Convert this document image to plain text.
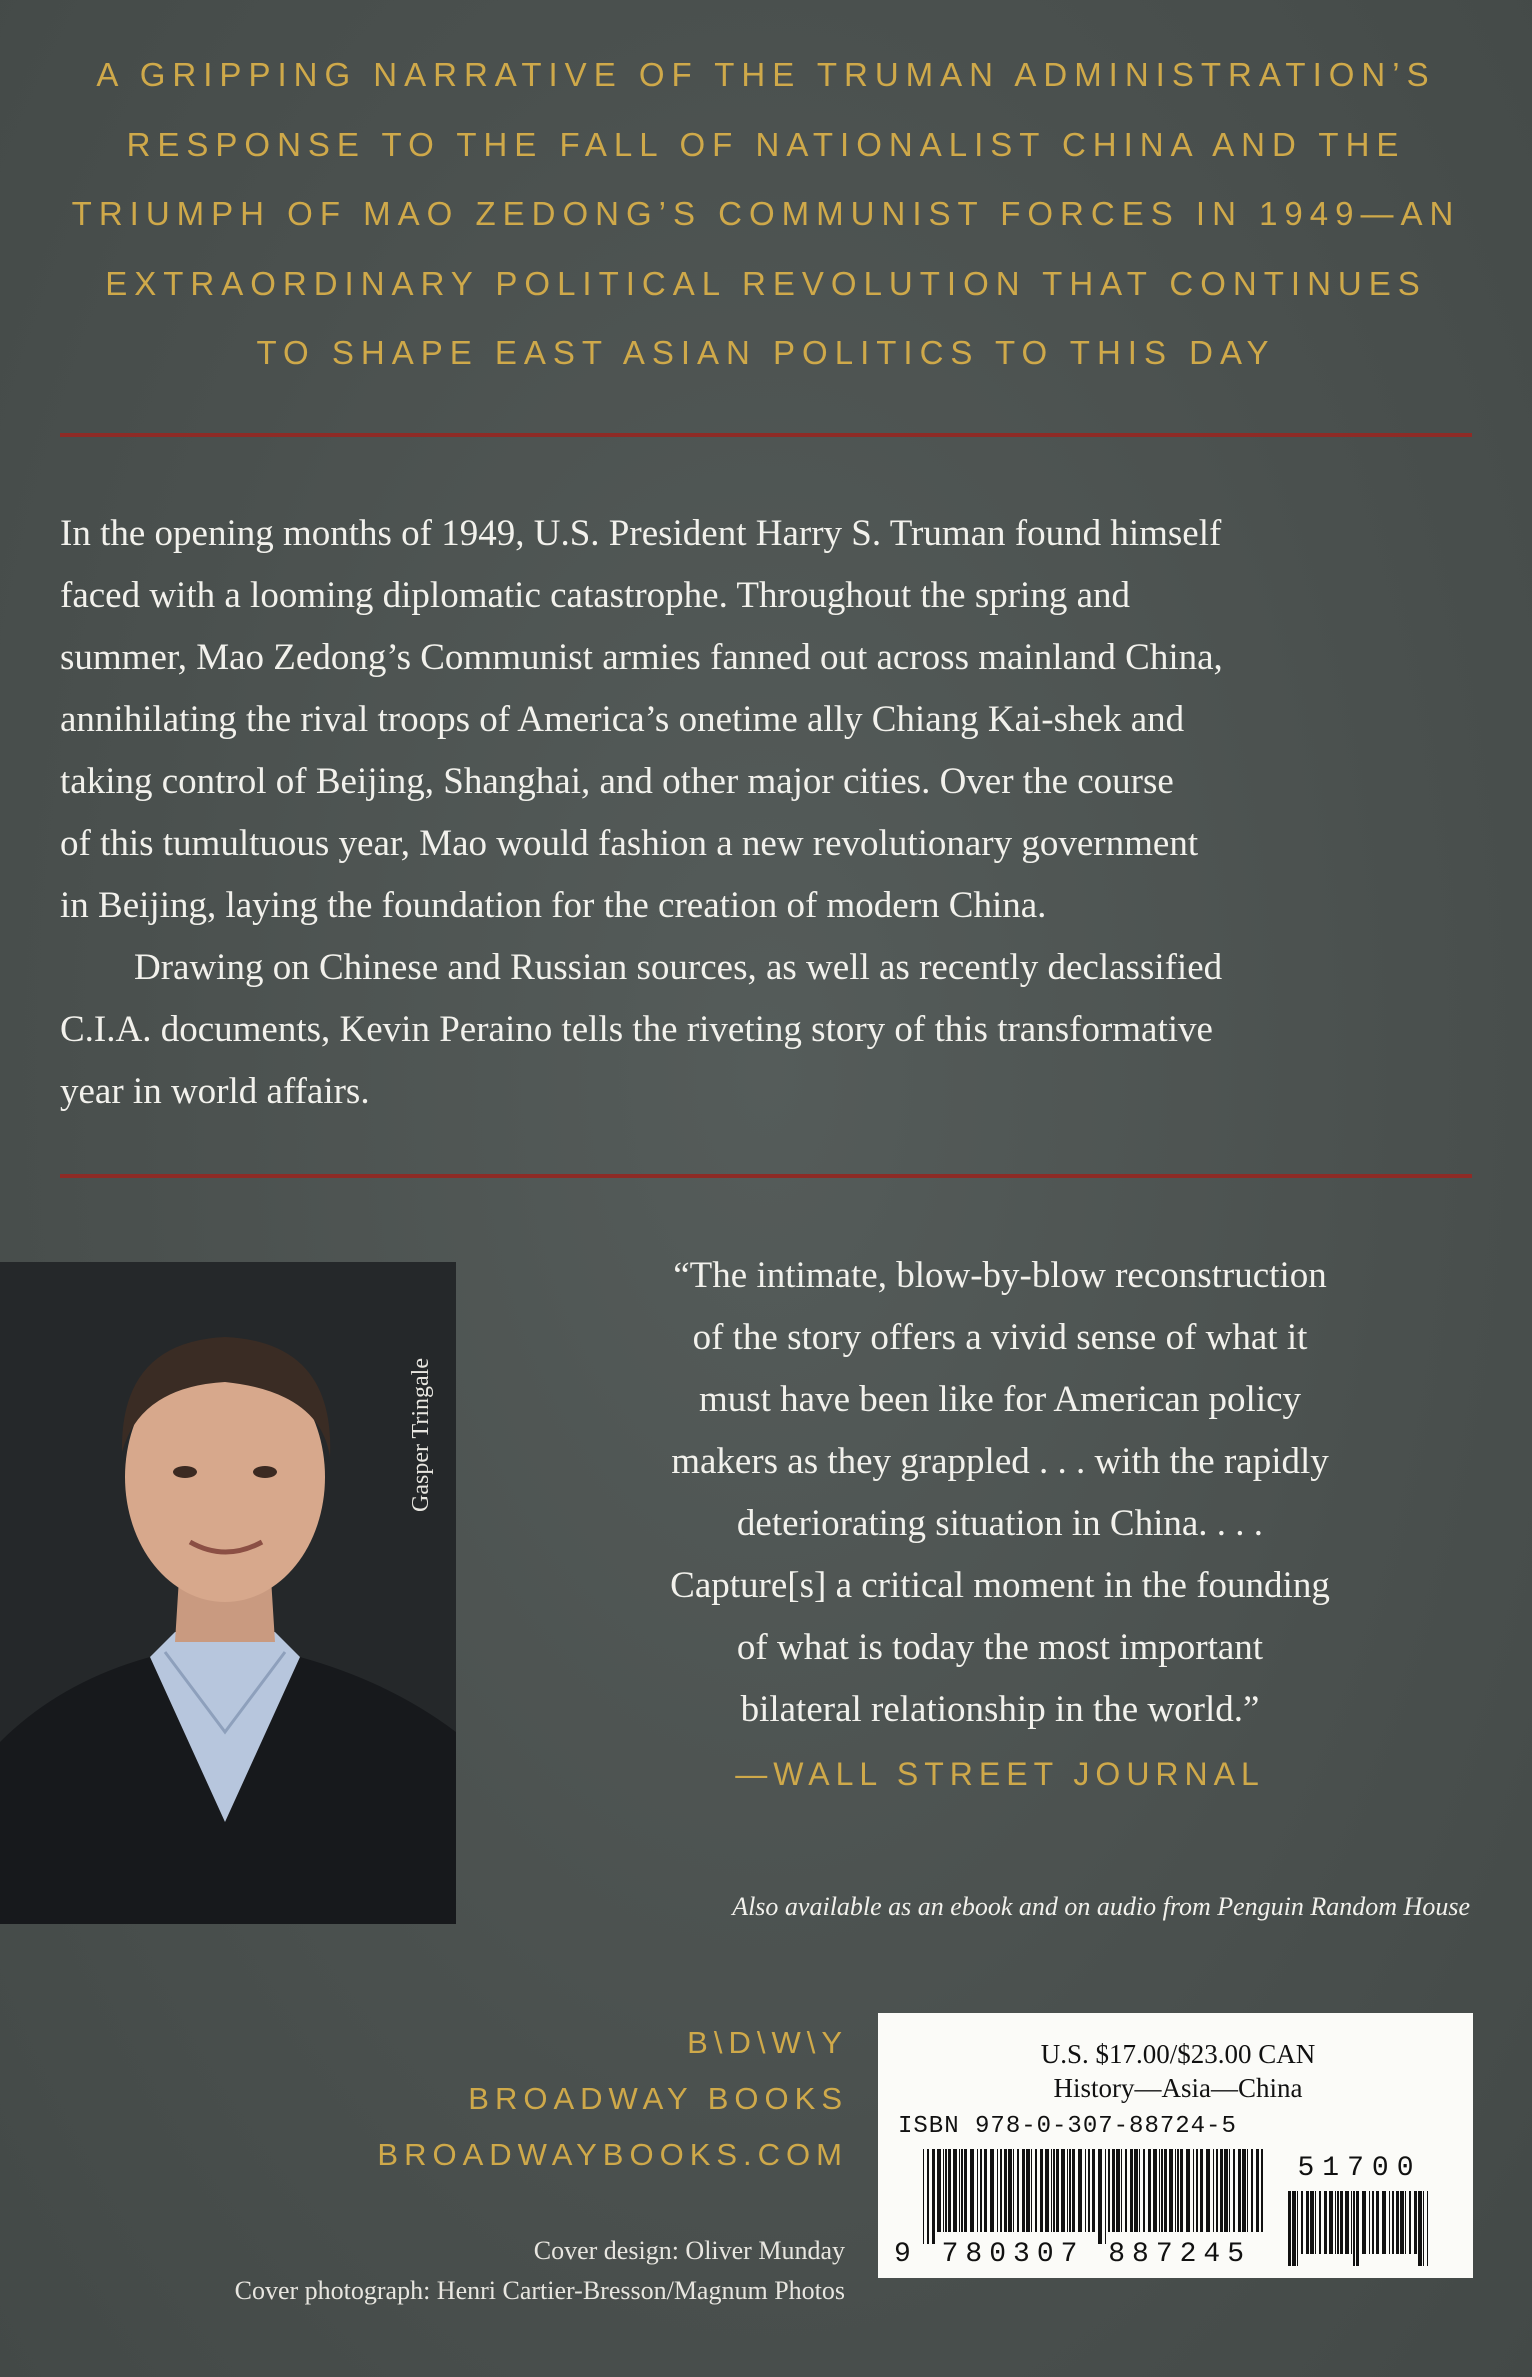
A GRIPPING NARRATIVE OF THE TRUMAN ADMINISTRATION’S
RESPONSE TO THE FALL OF NATIONALIST CHINA AND THE
TRIUMPH OF MAO ZEDONG’S COMMUNIST FORCES IN 1949—AN
EXTRAORDINARY POLITICAL REVOLUTION THAT CONTINUES
TO SHAPE EAST ASIAN POLITICS TO THIS DAY

In the opening months of 1949, U.S. President Harry S. Truman found himself
faced with a looming diplomatic catastrophe. Throughout the spring and
summer, Mao Zedong’s Communist armies fanned out across mainland China,
annihilating the rival troops of America’s onetime ally Chiang Kai-shek and
taking control of Beijing, Shanghai, and other major cities. Over the course
of this tumultuous year, Mao would fashion a new revolutionary government
in Beijing, laying the foundation for the creation of modern China.

Drawing on Chinese and Russian sources, as well as recently declassified
C.I.A. documents, Kevin Peraino tells the riveting story of this transformative
year in world affairs.

Gasper Tringale
“The intimate, blow-by-blow reconstruction
of the story offers a vivid sense of what it
must have been like for American policy
makers as they grappled . . . with the rapidly
deteriorating situation in China. . . .
Capture[s] a critical moment in the founding
of what is today the most important
bilateral relationship in the world.”
—WALL STREET JOURNAL
Also available as an ebook and on audio from Penguin Random House
B\D\W\Y
BROADWAY BOOKS
BROADWAYBOOKS.COM
Cover design: Oliver Munday
Cover photograph: Henri Cartier-Bresson/Magnum Photos
U.S. $17.00/$23.00 CAN
History—Asia—China
ISBN 978-0-307-88724-5
51700
9 780307 887245
